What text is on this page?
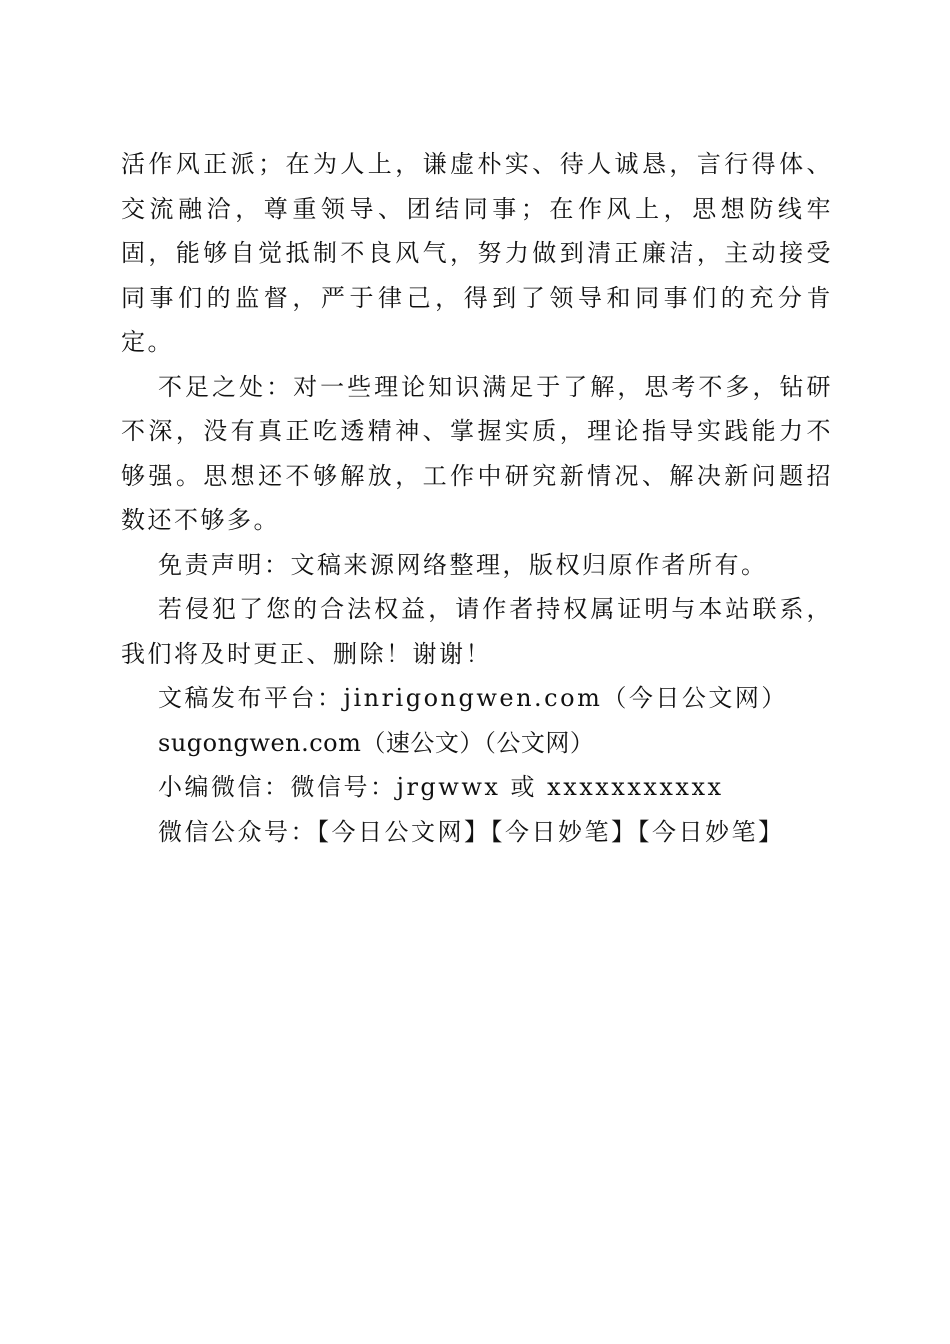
活作风正派；在为人上，谦虚朴实、待人诚恳，言行得体、交流融洽，尊重领导、团结同事；在作风上，思想防线牢固，能够自觉抵制不良风气，努力做到清正廉洁，主动接受同事们的监督，严于律己，得到了领导和同事们的充分肯定。

不足之处：对一些理论知识满足于了解，思考不多，钻研不深，没有真正吃透精神、掌握实质，理论指导实践能力不够强。思想还不够解放，工作中研究新情况、解决新问题招数还不够多。

免责声明：文稿来源网络整理，版权归原作者所有。

若侵犯了您的合法权益，请作者持权属证明与本站联系，我们将及时更正、删除！谢谢！

文稿发布平台：jinrigongwen.com（今日公文网）

sugongwen.com（速公文）（公文网）

小编微信：微信号：jrgwwx 或 xxxxxxxxxxx

微信公众号：【今日公文网】【今日妙笔】【今日妙笔】
